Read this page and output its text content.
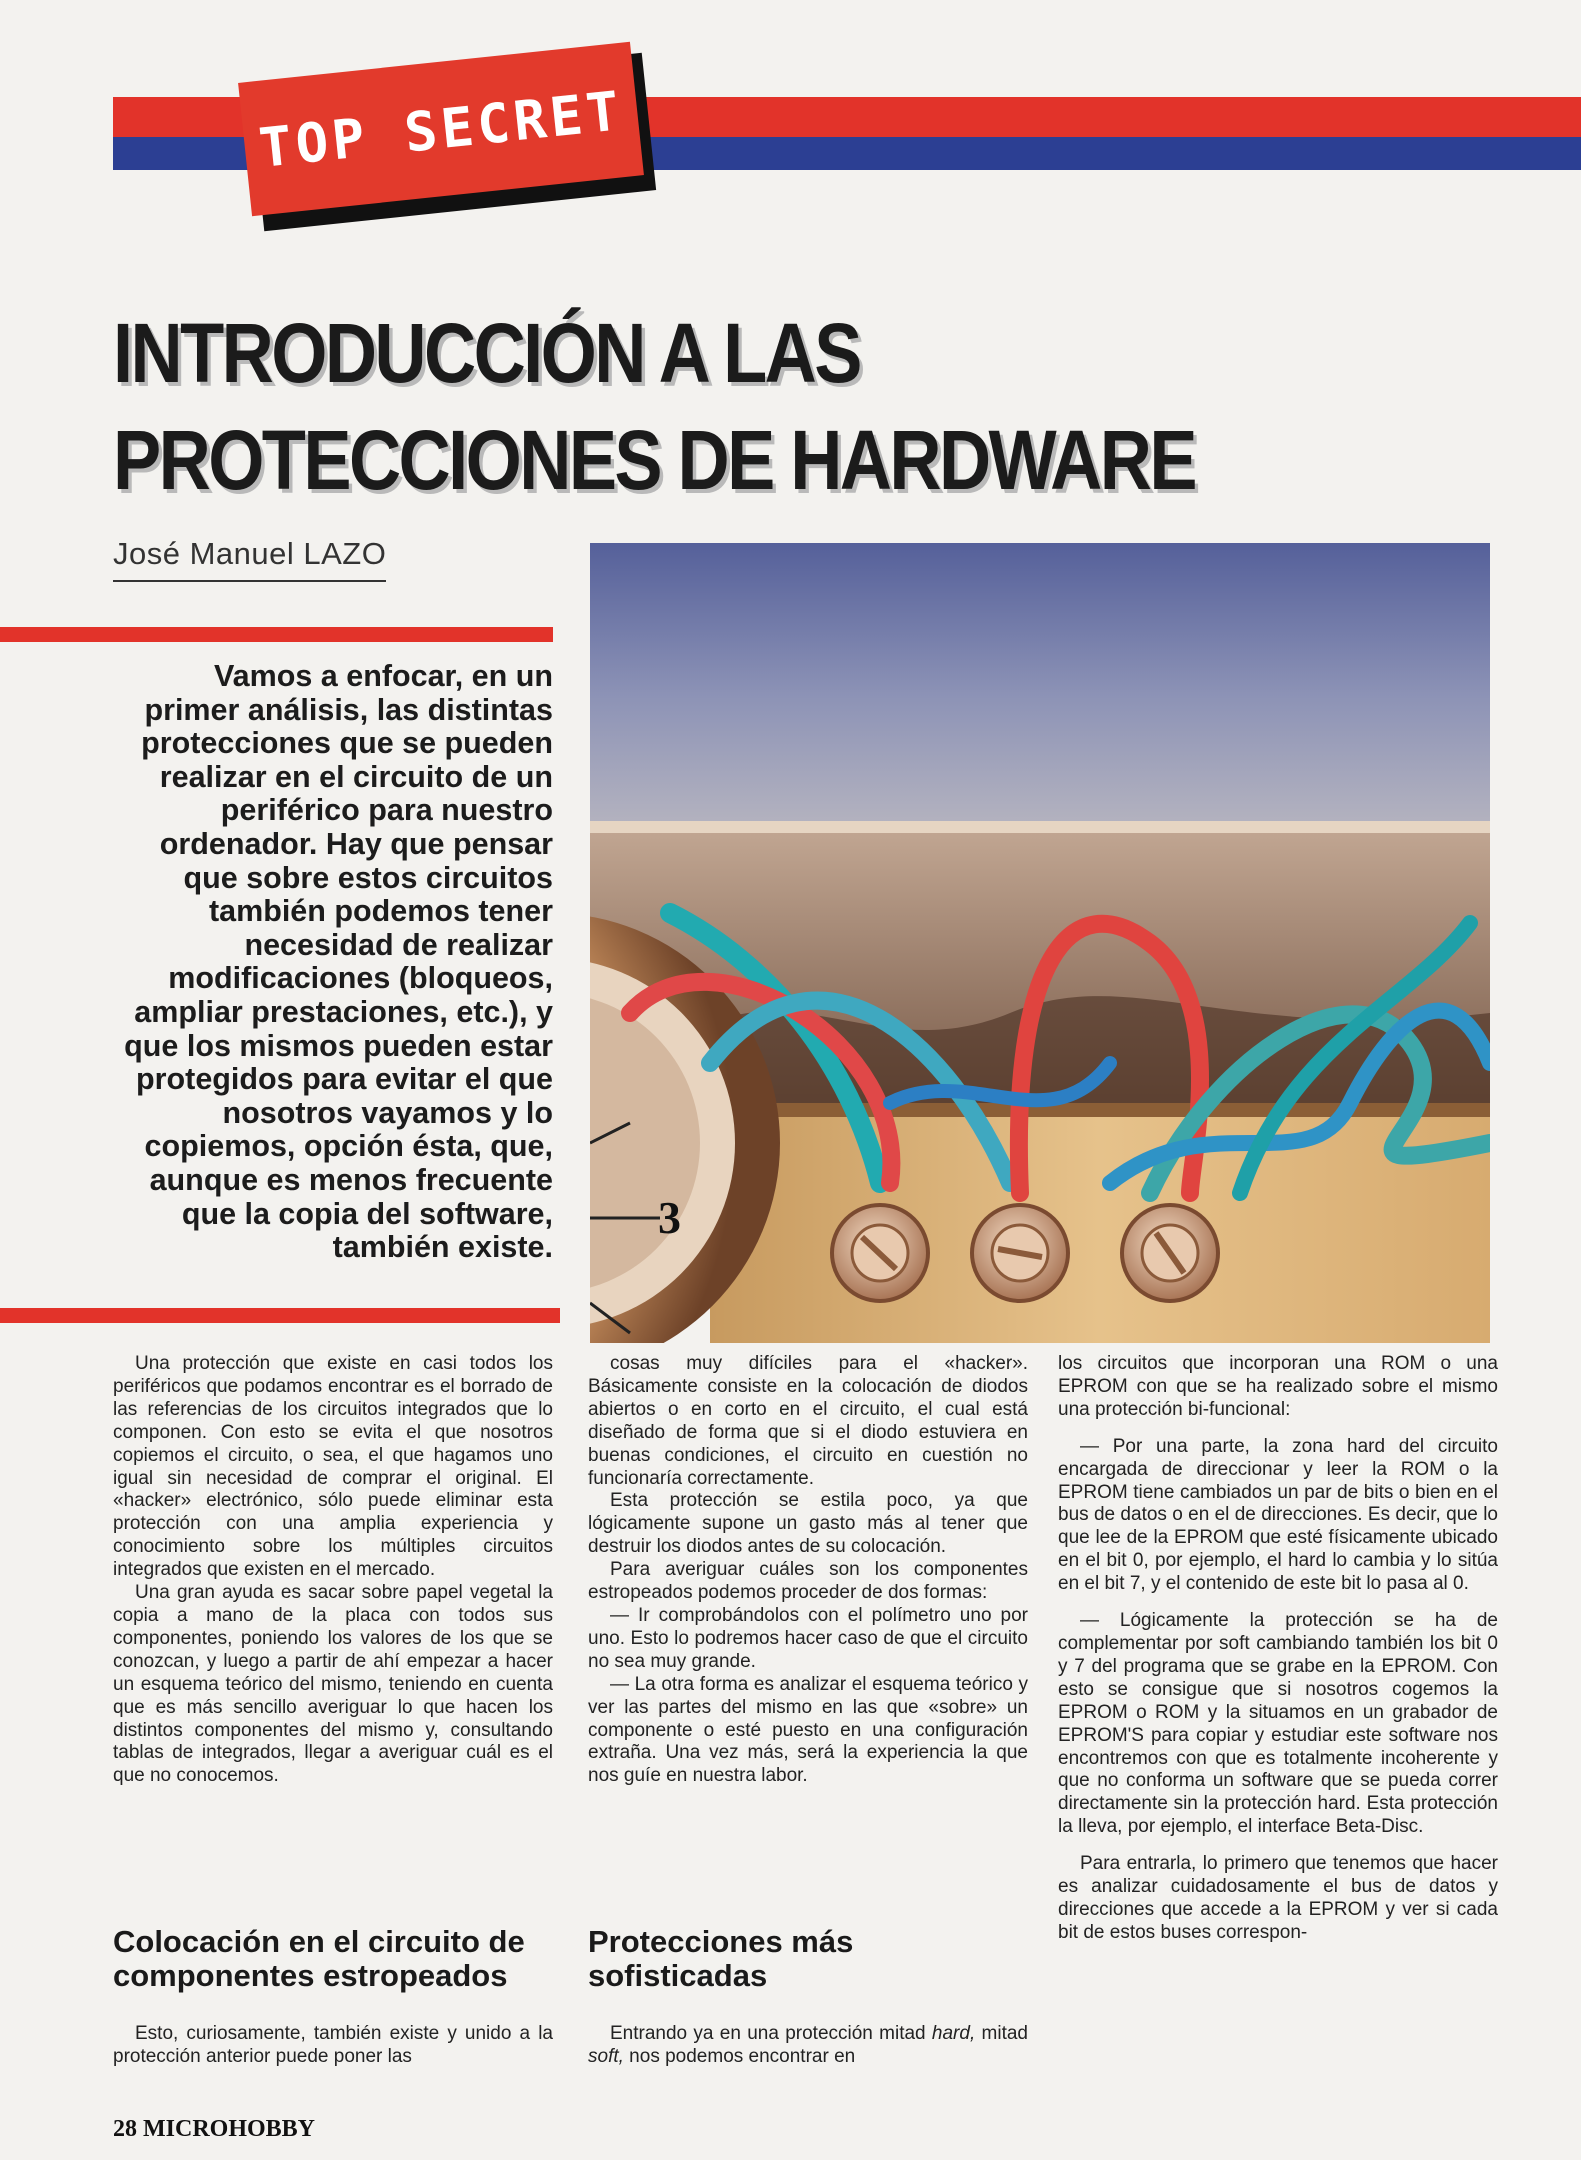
TOP SECRET
INTRODUCCIÓN A LAS
PROTECCIONES DE HARDWARE
José Manuel LAZO
Vamos a enfocar, en un primer análisis, las distintas protecciones que se pueden realizar en el circuito de un periférico para nuestro ordenador. Hay que pensar que sobre estos circuitos también podemos tener necesidad de realizar modificaciones (bloqueos, ampliar prestaciones, etc.), y que los mismos pueden estar protegidos para evitar el que nosotros vayamos y lo copiemos, opción ésta, que, aunque es menos frecuente que la copia del software, también existe.
3

Una protección que existe en casi todos los periféricos que podamos encontrar es el borrado de las referencias de los circuitos integrados que lo componen. Con esto se evita el que nosotros copiemos el circuito, o sea, el que hagamos uno igual sin necesidad de comprar el original. El «hacker» electrónico, sólo puede eliminar esta protección con una amplia experiencia y conocimiento sobre los múltiples circuitos integrados que existen en el mercado.

Una gran ayuda es sacar sobre papel vegetal la copia a mano de la placa con todos sus componentes, poniendo los valores de los que se conozcan, y luego a partir de ahí empezar a hacer un esquema teórico del mismo, teniendo en cuenta que es más sencillo averiguar lo que hacen los distintos componentes del mismo y, consultando tablas de integrados, llegar a averiguar cuál es el que no conocemos.

Colocación en el circuito de componentes estropeados

Esto, curiosamente, también existe y unido a la protección anterior puede poner las

cosas muy difíciles para el «hacker». Básicamente consiste en la colocación de diodos abiertos o en corto en el circuito, el cual está diseñado de forma que si el diodo estuviera en buenas condiciones, el circuito en cuestión no funcionaría correctamente.

Esta protección se estila poco, ya que lógicamente supone un gasto más al tener que destruir los diodos antes de su colocación.

Para averiguar cuáles son los componentes estropeados podemos proceder de dos formas:

— Ir comprobándolos con el polímetro uno por uno. Esto lo podremos hacer caso de que el circuito no sea muy grande.

— La otra forma es analizar el esquema teórico y ver las partes del mismo en las que «sobre» un componente o esté puesto en una configuración extraña. Una vez más, será la experiencia la que nos guíe en nuestra labor.

Protecciones más sofisticadas

Entrando ya en una protección mitad hard, mitad soft, nos podemos encontrar en

los circuitos que incorporan una ROM o una EPROM con que se ha realizado sobre el mismo una protección bi-funcional:

— Por una parte, la zona hard del circuito encargada de direccionar y leer la ROM o la EPROM tiene cambiados un par de bits o bien en el bus de datos o en el de direcciones. Es decir, que lo que lee de la EPROM que esté físicamente ubicado en el bit 0, por ejemplo, el hard lo cambia y lo sitúa en el bit 7, y el contenido de este bit lo pasa al 0.

— Lógicamente la protección se ha de complementar por soft cambiando también los bit 0 y 7 del programa que se grabe en la EPROM. Con esto se consigue que si nosotros cogemos la EPROM o ROM y la situamos en un grabador de EPROM'S para copiar y estudiar este software nos encontremos con que es totalmente incoherente y que no conforma un software que se pueda correr directamente sin la protección hard. Esta protección la lleva, por ejemplo, el interface Beta-Disc.

Para entrarla, lo primero que tenemos que hacer es analizar cuidadosamente el bus de datos y direcciones que accede a la EPROM y ver si cada bit de estos buses correspon-

28 MICROHOBBY
